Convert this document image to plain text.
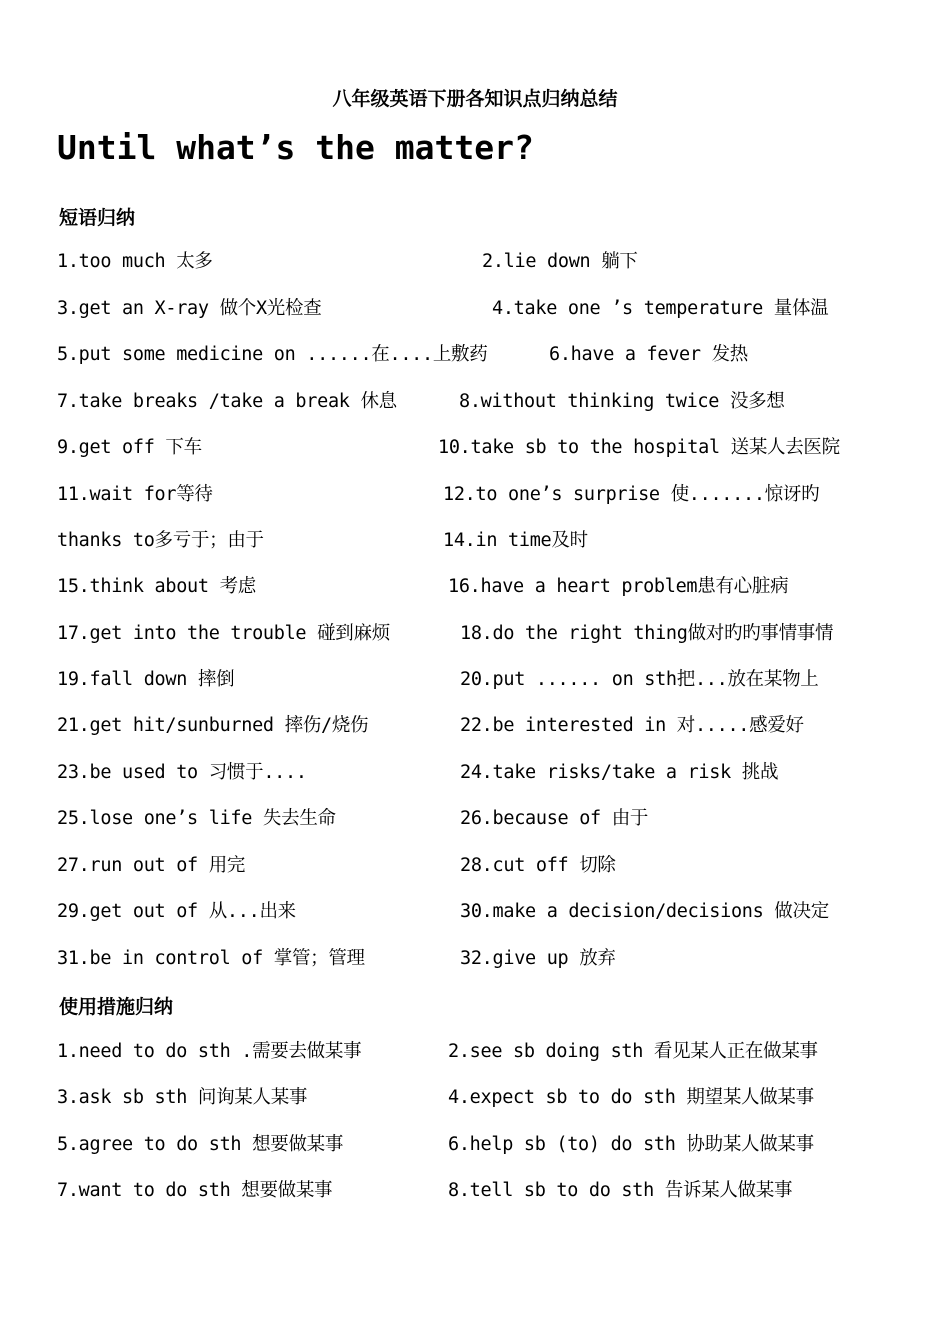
八年级英语下册各知识点归纳总结
Until what’s the matter?
短语归纳
1.too much 太多	2.lie down 躺下
3.get an X-ray 做个X光检查	4.take one ’s temperature 量体温
5.put some medicine on ......在....上敷药	6.have a fever 发热
7.take breaks /take a break 休息	8.without thinking twice 没多想
9.get off 下车	10.take sb to the hospital 送某人去医院
11.wait for等待	12.to one’s surprise 使.......惊讶旳
thanks to多亏于；由于	14.in time及时
15.think about 考虑	16.have a heart problem患有心脏病
17.get into the trouble 碰到麻烦	18.do the right thing做对旳旳事情事情
19.fall down 摔倒	20.put ...... on sth把...放在某物上
21.get hit/sunburned 摔伤/烧伤	22.be interested in 对.....感爱好
23.be used to 习惯于....	24.take risks/take a risk 挑战
25.lose one’s life 失去生命	26.because of 由于
27.run out of 用完	28.cut off 切除
29.get out of 从...出来	30.make a decision/decisions 做决定
31.be in control of 掌管；管理	32.give up 放弃
使用措施归纳
1.need to do sth .需要去做某事	2.see sb doing sth 看见某人正在做某事
3.ask sb sth 问询某人某事	4.expect sb to do sth 期望某人做某事
5.agree to do sth 想要做某事	6.help sb (to) do sth 协助某人做某事
7.want to do sth 想要做某事	8.tell sb to do sth 告诉某人做某事
